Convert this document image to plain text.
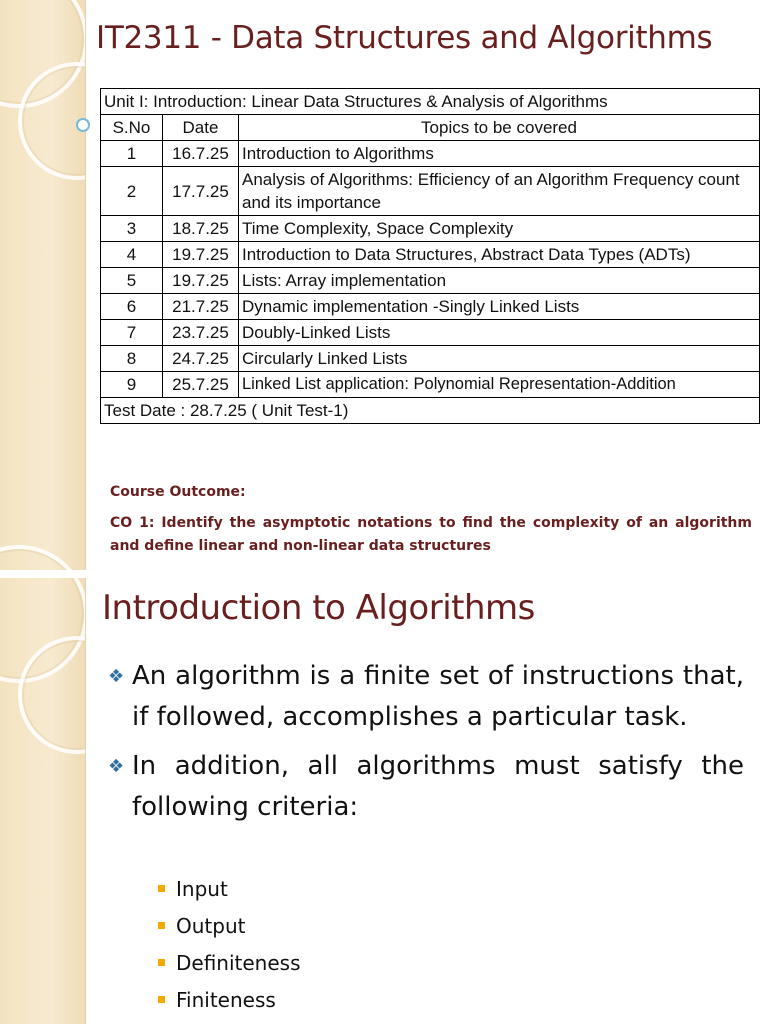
IT2311 - Data Structures and Algorithms
Unit I: Introduction: Linear Data Structures & Analysis of Algorithms		
S.No	Date	Topics to be covered
1	16.7.25	Introduction to Algorithms
2	17.7.25	Analysis of Algorithms: Efficiency of an Algorithm Frequency count and its importance
3	18.7.25	Time Complexity, Space Complexity
4	19.7.25	Introduction to Data Structures, Abstract Data Types (ADTs)
5	19.7.25	Lists: Array implementation
6	21.7.25	Dynamic implementation -Singly Linked Lists
7	23.7.25	Doubly-Linked Lists
8	24.7.25	Circularly Linked Lists
9	25.7.25	Linked List application: Polynomial Representation-Addition
Test Date : 28.7.25 ( Unit Test-1)		

Course Outcome:

CO 1: Identify the asymptotic notations to find the complexity of an algorithm and define linear and non-linear data structures

Introduction to Algorithms
❖ An algorithm is a finite set of instructions that, if followed, accomplishes a particular task.
❖ In addition, all algorithms must satisfy the following criteria:
Input
Output
Definiteness
Finiteness
